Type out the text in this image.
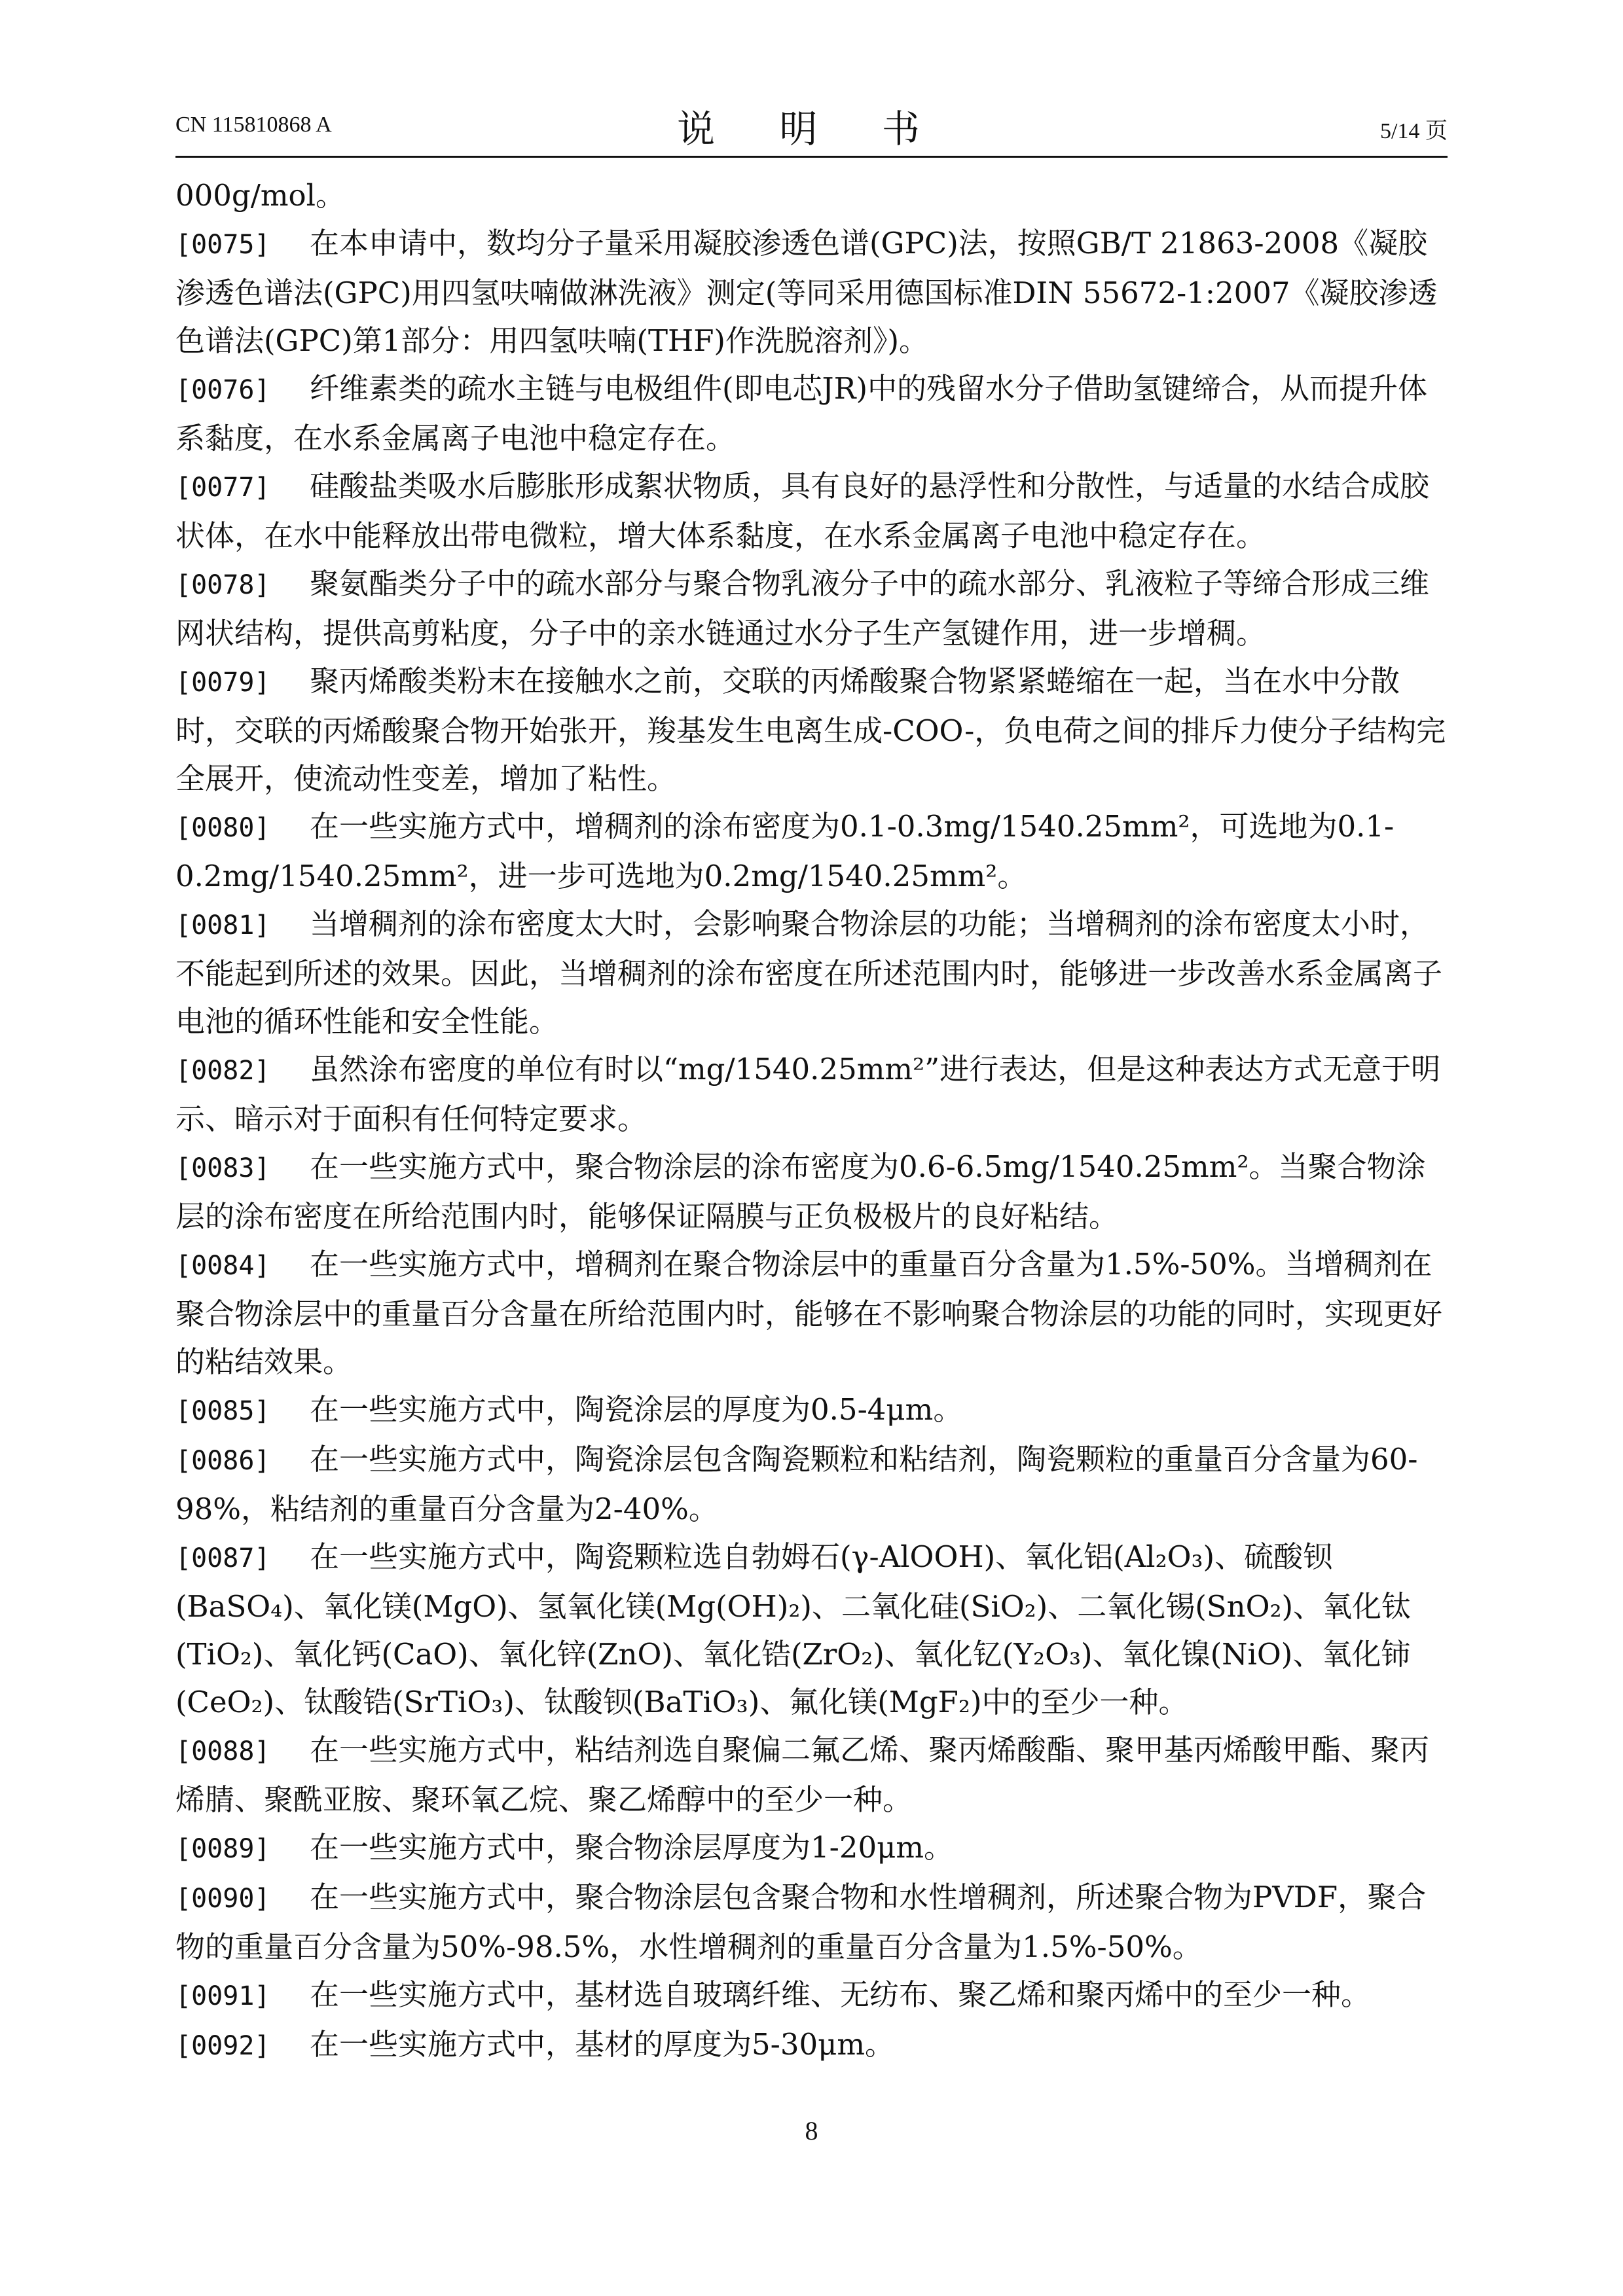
CN 115810868 A	说 明 书	5/14 页

000g/mol。

[0075] 在本申请中，数均分子量采用凝胶渗透色谱(GPC)法，按照GB/T 21863-2008《凝胶渗透色谱法(GPC)用四氢呋喃做淋洗液》测定(等同采用德国标准DIN 55672-1:2007《凝胶渗透色谱法(GPC)第1部分：用四氢呋喃(THF)作洗脱溶剂》)。

[0076] 纤维素类的疏水主链与电极组件(即电芯JR)中的残留水分子借助氢键缔合，从而提升体系黏度，在水系金属离子电池中稳定存在。

[0077] 硅酸盐类吸水后膨胀形成絮状物质，具有良好的悬浮性和分散性，与适量的水结合成胶状体，在水中能释放出带电微粒，增大体系黏度，在水系金属离子电池中稳定存在。

[0078] 聚氨酯类分子中的疏水部分与聚合物乳液分子中的疏水部分、乳液粒子等缔合形成三维网状结构，提供高剪粘度，分子中的亲水链通过水分子生产氢键作用，进一步增稠。

[0079] 聚丙烯酸类粉末在接触水之前，交联的丙烯酸聚合物紧紧蜷缩在一起，当在水中分散时，交联的丙烯酸聚合物开始张开，羧基发生电离生成-COO-，负电荷之间的排斥力使分子结构完全展开，使流动性变差，增加了粘性。

[0080] 在一些实施方式中，增稠剂的涂布密度为0.1-0.3mg/1540.25mm²，可选地为0.1-0.2mg/1540.25mm²，进一步可选地为0.2mg/1540.25mm²。

[0081] 当增稠剂的涂布密度太大时，会影响聚合物涂层的功能；当增稠剂的涂布密度太小时，不能起到所述的效果。因此，当增稠剂的涂布密度在所述范围内时，能够进一步改善水系金属离子电池的循环性能和安全性能。

[0082] 虽然涂布密度的单位有时以“mg/1540.25mm²”进行表达，但是这种表达方式无意于明示、暗示对于面积有任何特定要求。

[0083] 在一些实施方式中，聚合物涂层的涂布密度为0.6-6.5mg/1540.25mm²。当聚合物涂层的涂布密度在所给范围内时，能够保证隔膜与正负极极片的良好粘结。

[0084] 在一些实施方式中，增稠剂在聚合物涂层中的重量百分含量为1.5%-50%。当增稠剂在聚合物涂层中的重量百分含量在所给范围内时，能够在不影响聚合物涂层的功能的同时，实现更好的粘结效果。

[0085] 在一些实施方式中，陶瓷涂层的厚度为0.5-4μm。

[0086] 在一些实施方式中，陶瓷涂层包含陶瓷颗粒和粘结剂，陶瓷颗粒的重量百分含量为60-98%，粘结剂的重量百分含量为2-40%。

[0087] 在一些实施方式中，陶瓷颗粒选自勃姆石(γ-AlOOH)、氧化铝(Al₂O₃)、硫酸钡(BaSO₄)、氧化镁(MgO)、氢氧化镁(Mg(OH)₂)、二氧化硅(SiO₂)、二氧化锡(SnO₂)、氧化钛(TiO₂)、氧化钙(CaO)、氧化锌(ZnO)、氧化锆(ZrO₂)、氧化钇(Y₂O₃)、氧化镍(NiO)、氧化铈(CeO₂)、钛酸锆(SrTiO₃)、钛酸钡(BaTiO₃)、氟化镁(MgF₂)中的至少一种。

[0088] 在一些实施方式中，粘结剂选自聚偏二氟乙烯、聚丙烯酸酯、聚甲基丙烯酸甲酯、聚丙烯腈、聚酰亚胺、聚环氧乙烷、聚乙烯醇中的至少一种。

[0089] 在一些实施方式中，聚合物涂层厚度为1-20μm。

[0090] 在一些实施方式中，聚合物涂层包含聚合物和水性增稠剂，所述聚合物为PVDF，聚合物的重量百分含量为50%-98.5%，水性增稠剂的重量百分含量为1.5%-50%。

[0091] 在一些实施方式中，基材选自玻璃纤维、无纺布、聚乙烯和聚丙烯中的至少一种。

[0092] 在一些实施方式中，基材的厚度为5-30μm。

8
